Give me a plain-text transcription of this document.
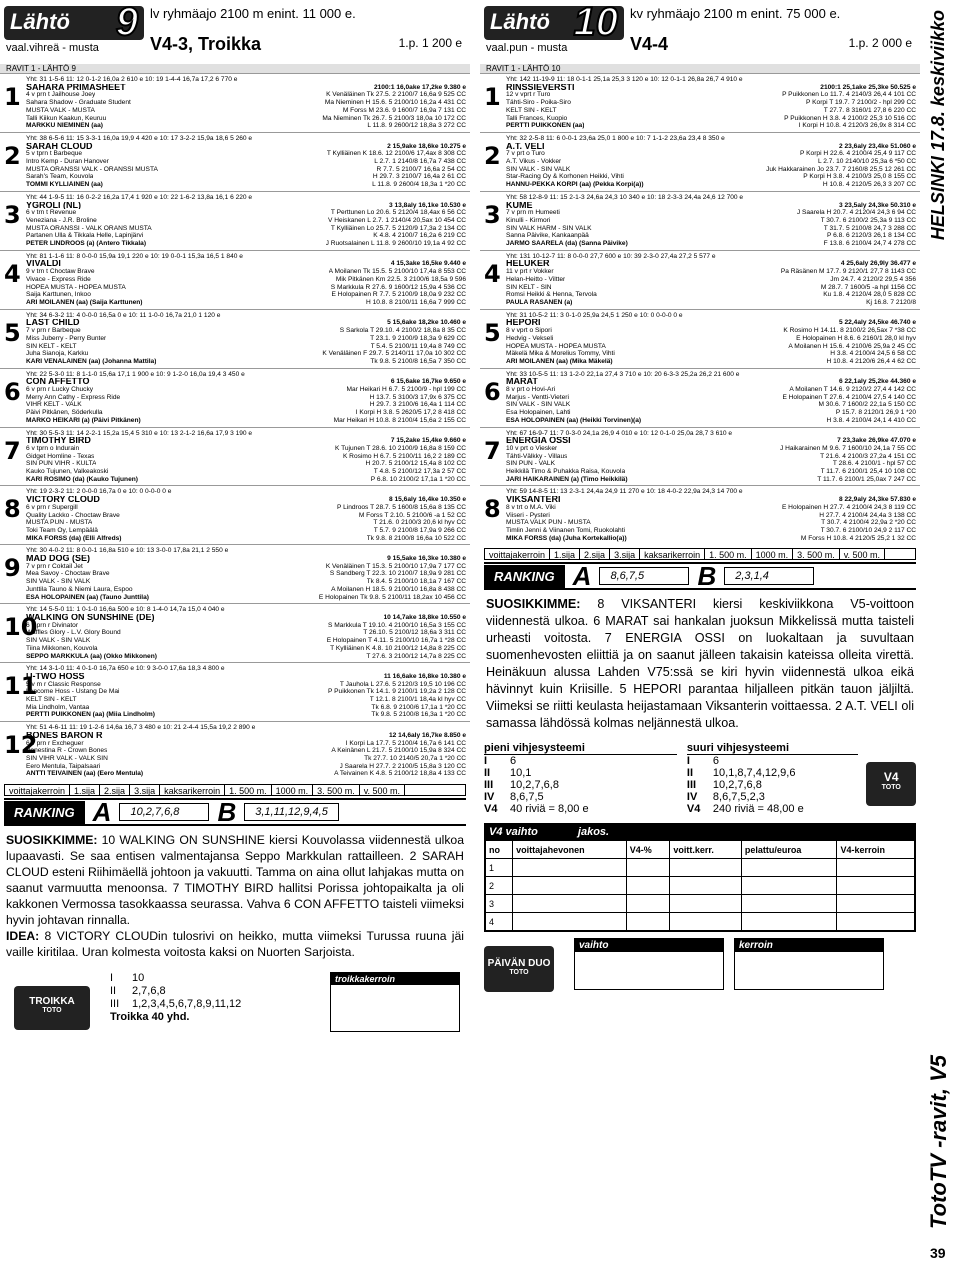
Lähtö 9
vaal.vihreä - musta
lv ryhmäajo 2100 m enint. 11 000 e.
V4-3, Troikka	1.p. 1 200 e
RAVIT 1 - LÄHTÖ 9
1
Yht: 31 1-5-6 11: 12 0-1-2 16,0a 2 610 e 10: 19 1-4-4 16,7a 17,2 6 770 e
SAHARA PRIMASHEET	2100:1 16,0ake 17,2ke 9.380 e
4 v prn t Jailhouse Joey	K Venäläinen Tk 27.5. 2 2100/7 16,6a 9 525 CC
Sahara Shadow - Graduate Student	Ma Nieminen H 15.6. 5 2100/10 16,2a 4 431 CC
MUSTA VALK - MUSTA	M Forss M 23.6. 9 1600/7 16,9a 7 131 CC
Talli Kiikun Kaakun, Keuruu	Ma Nieminen Tk 26.7. 5 2100/3 18,0a 10 172 CC
MARKKU NIEMINEN (aa)	L 11.8. 9 2600/12 18,8a 3 272 CC
2
Yht: 38 6-5-6 11: 15 3-3-1 16,0a 19,9 4 420 e 10: 17 3-2-2 15,9a 18,6 5 260 e
SARAH CLOUD	2 15,9ake 18,6ke 10.275 e
5 v tprn t Barbeque	T Kylliäinen K 18.6. 12 2100/6 17,4ax 8 308 CC
Intro Kemp - Duran Hanover	L 2.7. 1 2140/8 16,7a 7 438 CC
MUSTA ORANSSI VALK - ORANSSI MUSTA	R 7.7. 5 2100/7 16,6a 2 54 CC
Sarah's Team, Kouvola	H 29.7. 3 2100/7 16,4a 2 61 CC
TOMMI KYLLIÄINEN (aa)	L 11.8. 9 2600/4 18,3a 1 *20 CC
3
Yht: 44 1-9-5 11: 16 0-2-2 16,2a 17,4 1 920 e 10: 22 1-6-2 13,8a 16,1 6 220 e
YGROLI (NL)	3 13,8aly 16,1ke 10.530 e
6 v trn t Revenue	T Perttunen Lo 20.6. 5 2120/4 18,4ax 6 56 CC
Veneziana - J.R. Broline	V Heiskanen L 2.7. 1 2140/4 20,5ax 10 454 CC
MUSTA ORANSSI - VALK ORANS MUSTA	T Kylliäinen Lo 25.7. 5 2120/9 17,3a 2 134 CC
Partanen Ulla & Tikkala Helle, Lapinjärvi	K 4.8. 4 2100/7 16,2a 6 219 CC
PETER LINDROOS (a) (Antero Tikkala)	J Ruotsalainen L 11.8. 9 2600/10 19,1a 4 92 CC
4
Yht: 81 1-1-6 11: 8 0-0-0 15,9a 19,1 220 e 10: 19 0-0-1 15,3a 16,5 1 840 e
VIVALDI	4 15,3ake 16,5ke 9.440 e
9 v trn t Choctaw Brave	A Moilanen Tk 15.5. 5 2100/10 17,4a 8 553 CC
Vivace - Express Ride	Mik Pitkänen Km 22.5. 3 2100/6 18,5a 9 596
HOPEA MUSTA - HOPEA MUSTA	S Markkula R 27.6. 9 1600/12 15,9a 4 536 CC
Saija Karttunen, Inkoo	E Holopainen R 7.7. 5 2100/9 18,0a 9 232 CC
ARI MOILANEN (aa) (Saija Karttunen)	H 10.8. 8 2100/11 16,6a 7 999 CC
5
Yht: 34 6-3-2 11: 4 0-0-0 16,5a 0 e 10: 11 1-0-0 16,7a 21,0 1 120 e
LAST CHILD	5 15,6ake 18,2ke 10.460 e
7 v prn r Barbeque	S Sarkola T 29.10. 4 2100/2 18,8a 8 35 CC
Miss Juberry - Perry Bunter	T 23.1. 9 2100/9 18,3a 9 629 CC
SIN KELT - KELT	T 5.4. 5 2100/11 19,4a 8 749 CC
Juha Sianoja, Karkku	K Venäläinen F 29.7. 5 2140/11 17,0a 10 302 CC
KARI VENÄLÄINEN (aa) (Johanna Mattila)	Tk 9.8. 5 2100/8 16,5a 7 350 CC
6
Yht: 22 5-3-0 11: 8 1-1-0 15,6a 17,1 1 900 e 10: 9 1-2-0 16,0a 19,4 3 450 e
CON AFFETTO	6 15,6ake 16,7ke 9.650 e
6 v prn r Lucky Chucky	Mar Heikari H 6.7. 5 2100/9 - hpl 199 CC
Merry Ann Cathy - Express Ride	H 13.7. 5 3100/3 17,9x 6 375 CC
VIHR KELT - VALK	H 29.7. 3 2100/6 16,4a 1 114 CC
Päivi Pitkänen, Söderkulla	I Korpi H 3.8. 5 2620/5 17,2 8 418 CC
MARKO HEIKARI (a) (Päivi Pitkänen)	Mar Heikari H 10.8. 8 2100/4 15,6a 2 155 CC
7
Yht: 30 5-5-3 11: 14 2-2-1 15,2a 15,4 5 310 e 10: 13 2-1-2 16,6a 17,9 3 190 e
TIMOTHY BIRD	7 15,2ake 15,4ke 9.660 e
6 v tprn o Indurain	K Tujunen T 28.6. 10 2100/9 16,8a 8 159 CC
Gidget Homline - Texas	K Rosimo H 6.7. 5 2100/11 16,2 2 189 CC
SIN PUN VIHR - KULTA	H 20.7. 5 2100/12 15,4a 8 102 CC
Kauko Tujunen, Valkeakoski	T 4.8. 5 2100/12 17,3a 2 57 CC
KARI ROSIMO (da) (Kauko Tujunen)	P 6.8. 10 2100/2 17,1a 1 *20 CC
8
Yht: 19 2-3-2 11: 2 0-0-0 16,7a 0 e 10: 0 0-0-0 0 e
VICTORY CLOUD	8 15,6aly 16,4ke 10.350 e
6 v prn r Supergill	P Lindroos T 28.7. 5 1600/8 15,6a 8 135 CC
Quality Lackko - Choctaw Brave	M Forss T 2.10. 5 2100/6 -a 1 52 CC
MUSTA PUN - MUSTA	T 21.6. 0 2100/3 20,6 kl hyv CC
Toki Team Oy, Lempäälä	T 5.7. 9 2100/8 17,9a 9 266 CC
MIKA FORSS (da) (Elli Alfreds)	Tk 9.8. 8 2100/8 16,6a 10 522 CC
9
Yht: 30 4-0-2 11: 8 0-0-1 16,8a 510 e 10: 13 3-0-0 17,8a 21,1 2 550 e
MAD DOG (SE)	9 15,5ake 16,3ke 10.380 e
7 v prn r Coktail Jet	K Venäläinen T 15.3. 5 2100/10 17,9a 7 177 CC
Mea Savoy - Choctaw Brave	S Sandberg T 22.3. 10 2100/7 18,9a 9 281 CC
SIN VALK - SIN VALK	Tk 8.4. 5 2100/10 18,1a 7 167 CC
Junttila Tauno & Niemi Laura, Espoo	A Moilanen H 18.5. 9 2100/10 16,8a 8 438 CC
ESA HOLOPAINEN (aa) (Tauno Junttila)	E Holopainen Tk 9.8. 5 2100/11 18,2ax 10 456 CC
10
Yht: 14 5-5-0 11: 1 0-1-0 16,6a 500 e 10: 8 1-4-0 14,7a 15,0 4 040 e
WALKING ON SUNSHINE (DE)	10 14,7ake 18,8ke 10.550 e
6 v prn r Divinator	S Markkula T 19.10. 4 2100/10 16,5a 3 155 CC
Waffles Glory - L.V. Glory Bound	T 26.10. 5 2100/12 18,6a 3 311 CC
SIN VALK - SIN VALK	E Holopainen T 4.11. 5 2100/10 16,7a 1 *28 CC
Tiina Mikkonen, Kouvola	T Kylliäinen K 4.8. 10 2100/12 14,8a 8 225 CC
SEPPO MARKKULA (aa) (Okko Mikkonen)	T 27.6. 3 2100/12 14,7a 8 225 CC
11
Yht: 14 3-1-0 11: 4 0-1-0 16,7a 650 e 10: 9 3-0-0 17,6a 18,3 4 800 e
U-TWO HOSS	11 16,6ake 16,8ke 10.380 e
5 v m r Classic Response	T Jauhola L 27.6. 5 2120/3 19,5 10 196 CC
Lancome Hoss - Ustang De Mai	P Puikkonen Tk 14.1. 9 2100/1 19,2a 2 128 CC
KELT SIN - KELT	T 12.1. 8 2100/1 18,4a kl hyv CC
Mia Lindholm, Vantaa	Tk 6.8. 9 2100/6 17,1a 1 *20 CC
PERTTI PUIKKONEN (aa) (Miia Lindholm)	Tk 9.8. 5 2100/8 16,3a 1 *20 CC
12
Yht: 51 4-6-11 11: 19 1-2-6 14,6a 16,7 3 480 e 10: 21 2-4-4 15,5a 19,2 2 890 e
BONES BARON R	12 14,6aly 16,7ke 8.850 e
6 v prn r Excheguer	I Korpi La 17.7. 5 2100/4 16,7a 6 141 CC
Bonestina R - Crown Bones	A Keinänen L 21.7. 5 2100/10 15,9a 8 324 CC
SIN VIHR VALK - VALK SIN	Tk 27.7. 10 2140/5 20,7a 1 *20 CC
Eero Mentula, Taipalsaari	J Saarela H 27.7. 2 2100/5 15,8a 3 120 CC
ANTTI TEIVAINEN (aa) (Eero Mentula)	A Teivainen K 4.8. 5 2100/12 18,8a 4 133 CC
voittajakerroin	1.sija	2.sija	3.sija	kaksarikerroin	1. 500 m.	1000 m.	3. 500 m.	v. 500 m.
RANKING A	10,2,7,6,8	B	3,1,11,12,9,4,5
SUOSIKKIMME: 10 WALKING ON SUNSHINE kiersi Kouvolassa viidennestä ulkoa lupaavasti. Se saa entisen valmentajansa Seppo Markkulan rattailleen. 2 SARAH CLOUD esteni Riihimäellä johtoon ja vakuutti. Tamma on aina ollut lahjakas mutta on saanut varmuutta menoonsa. 7 TIMOTHY BIRD hallitsi Porissa johtopaikalta ja oli kakkonen Vermossa tasokkaassa seurassa. Vahva 6 CON AFFETTO taisteli viimeksi hyvin johtavan rinnalla.
IDEA: 8 VICTORY CLOUDin tulosrivi on heikko, mutta viimeksi Turussa ruuna jäi vaille kiritilaa. Uran kolmesta voitosta kaksi on Nuorten Sarjoista.
TROIKKA
TOTO
I 10
II 2,7,6,8
III 1,2,3,4,5,6,7,8,9,11,12
Troikka 40 yhd.
troikkakerroin
Lähtö 10
vaal.pun - musta
kv ryhmäajo 2100 m enint. 75 000 e.
V4-4	1.p. 2 000 e
RAVIT 1 - LÄHTÖ 10
1
Yht: 142 11-19-9 11: 18 0-1-1 25,1a 25,3 3 120 e 10: 12 0-1-1 26,8a 26,7 4 910 e
RINSSIEVERSTI	2100:1 25,1ake 25,3ke 50.525 e
12 v vprt r Turo	P Puikkonen Lo 11.7. 4 2140/3 26,4 4 101 CC
Tähti-Siro - Poika-Siro	P Korpi T 19.7. 7 2100/2 - hpl 299 CC
KELT SIN - KELT	T 27.7. 8 3160/1 27,8 6 220 CC
Talli Frances, Kuopio	P Puikkonen H 3.8. 4 2100/2 25,3 10 516 CC
PERTTI PUIKKONEN (aa)	I Korpi H 10.8. 4 2120/3 26,9x 8 314 CC
2
Yht: 32 2-5-8 11: 6 0-0-1 23,6a 25,0 1 800 e 10: 7 1-1-2 23,6a 23,4 8 350 e
A.T. VELI	2 23,6aly 23,4ke 51.060 e
7 v prt o Turo	P Korpi H 22.6. 4 2100/4 25,4 9 117 CC
A.T. Vikus - Vokker	L 2.7. 10 2140/10 25,3a 6 *50 CC
SIN VALK - SIN VALK	Juk Hakkarainen Jo 23.7. 7 2160/8 25,5 12 261 CC
Star-Racing Oy & Korhonen Heikki, Vihti	P Korpi H 3.8. 4 2100/3 25,0 8 155 CC
HANNU-PEKKA KORPI (aa) (Pekka Korpi(a))	H 10.8. 4 2120/5 26,3 3 207 CC
3
Yht: 58 12-8-9 11: 15 2-1-3 24,6a 24,3 10 340 e 10: 18 2-3-3 24,4a 24,6 12 700 e
KUME	3 23,5aly 24,3ke 50.310 e
7 v prn m Humeeti	J Saarela H 20.7. 4 2120/4 24,3 6 94 CC
Kinulli - Kirmori	T 30.7. 6 2100/2 25,3a 9 113 CC
SIN VALK HARM - SIN VALK	T 31.7. 5 2100/8 24,7 3 288 CC
Sanna Päivike, Kankaanpää	P 6.8. 6 2120/3 26,1 8 134 CC
JARMO SAARELA (da) (Sanna Päivike)	F 13.8. 6 2100/4 24,7 4 278 CC
4
Yht: 131 10-12-7 11: 8 0-0-0 27,7 600 e 10: 39 2-3-0 27,4a 27,2 5 577 e
HELUKER	4 25,6aly 26,9ly 36.477 e
11 v prt r Vokker	Pa Räsänen M 17.7. 9 2120/1 27,7 8 1143 CC
Helan-Heitto - Viltter	Jm 24.7. 4 2120/2 29,5 4 356
SIN KELT - SIN	M 28.7. 7 1600/5 -a hpl 1156 CC
Romsi Heikki & Henna, Tervola	Ku 1.8. 4 2120/4 28,0 5 828 CC
PAULA RÄSÄNEN (a)	Kj 16.8. 7 2120/8
5
Yht: 31 10-5-2 11: 3 0-1-0 25,9a 24,5 1 250 e 10: 0 0-0-0 0 e
HEPORI	5 22,4aly 24,5ke 46.740 e
8 v vprt o Sipori	K Rosimo H 14.11. 8 2100/2 26,5ax 7 *38 CC
Hedvig - Vekseli	E Holopainen H 8.6. 6 2160/1 28,0 kl hyv
HOPEA MUSTA - HOPEA MUSTA	A Moilanen H 15.6. 4 2100/6 25,9a 2 45 CC
Mäkelä Mika & Morelius Tommy, Vihti	H 3.8. 4 2100/4 24,5 6 58 CC
ARI MOILANEN (aa) (Mika Mäkelä)	H 10.8. 4 2120/6 26,4 4 62 CC
6
Yht: 33 10-5-5 11: 13 1-2-0 22,1a 27,4 3 710 e 10: 20 6-3-3 25,2a 26,2 21 600 e
MARAT	6 22,1aly 25,2ke 44.360 e
8 v prt o Hovi-Ari	A Moilanen T 14.6. 9 2120/2 27,4 4 142 CC
Marjus - Ventti-Vieteri	E Holopainen T 27.6. 4 2100/4 27,5 4 140 CC
SIN VALK - SIN VALK	M 30.6. 7 1600/2 22,1a 5 150 CC
Esa Holopainen, Lahti	P 15.7. 8 2120/1 26,9 1 *20
ESA HOLOPAINEN (aa) (Heikki Torvinen)(a)	H 3.8. 4 2100/4 24,1 4 410 CC
7
Yht: 67 16-9-7 11: 7 0-3-0 24,1a 26,9 4 010 e 10: 12 0-1-0 25,0a 28,7 3 610 e
ENERGIA OSSI	7 23,3ake 26,9ke 47.070 e
10 v prt o Viesker	J Haikarainen M 9.6. 7 1600/10 24,1a 7 55 CC
Tähti-Välkky - Villaus	T 21.6. 4 2100/3 27,2a 4 151 CC
SIN PUN - VALK	T 28.6. 4 2100/1 - hpl 57 CC
Heikkilä Timo & Puhakka Raisa, Kouvola	T 11.7. 6 2100/1 25,4 10 108 CC
JARI HAIKARAINEN (a) (Timo Heikkilä)	T 11.7. 6 2100/1 25,0ax 7 247 CC
8
Yht: 59 14-8-5 11: 13 2-3-1 24,4a 24,9 11 270 e 10: 18 4-0-2 22,9a 24,3 14 700 e
VIKSANTERI	8 22,9aly 24,3ke 57.830 e
8 v trt o M.A. Viki	E Holopainen H 27.7. 4 2100/4 24,3 8 119 CC
Viiseri - Pysteri	H 27.7. 4 2100/4 24,4a 3 138 CC
MUSTA VALK PUN - MUSTA	T 30.7. 4 2100/4 22,9a 2 *20 CC
Timlin Jenni & Viinanen Tomi, Ruokolahti	T 30.7. 6 2100/10 24,9 2 117 CC
MIKA FORSS (da) (Juha Kortekallio(a))	M Forss H 10.8. 4 2120/5 25,2 1 32 CC
voittajakerroin	1.sija	2.sija	3.sija	kaksarikerroin	1. 500 m.	1000 m.	3. 500 m.	v. 500 m.
RANKING A	8,6,7,5	B	2,3,1,4
SUOSIKKIMME: 8 VIKSANTERI kiersi keskiviikkona V5-voittoon viidennestä ulkoa. 6 MARAT sai hankalan juoksun Mikkelissä mutta taisteli urheasti voitosta. 7 ENERGIA OSSI on luokaltaan ja suvultaan suomenhevosten eliittiä ja on saanut jälleen takaisin kateissa olleita virettä. Heinäkuun alussa Lahden V75:ssä se kiri hyvin viidennestä ulkoa eikä hävinnyt kuin Kriisille. 5 HEPORI parantaa hiljalleen pitkän tauon jäljiltä. Viimeksi se riitti keulasta heijastamaan Viksanterin voittaessa. 2 A.T. VELI oli samassa lähdössä kolmas neljännestä ulkoa.
pieni vihjesysteemi
I 6
II 10,1
III 10,2,7,6,8
IV 8,6,7,5
V4 40 riviä = 8,00 e
suuri vihjesysteemi
I 6
II 10,1,8,7,4,12,9,6
III 10,2,7,6,8
IV 8,6,7,5,2,3
V4 240 riviä = 48,00 e
V4
TOTO
V4 vaihto	jakos.
no	voittajahevonen	V4-%	voitt.kerr.	pelattu/euroa	V4-kerroin
1					
2					
3					
4					
PÄIVÄN DUO
TOTO
vaihto	kerroin
HELSINKI 17.8. keskiviikko
TotoTV -ravit, V5
39
